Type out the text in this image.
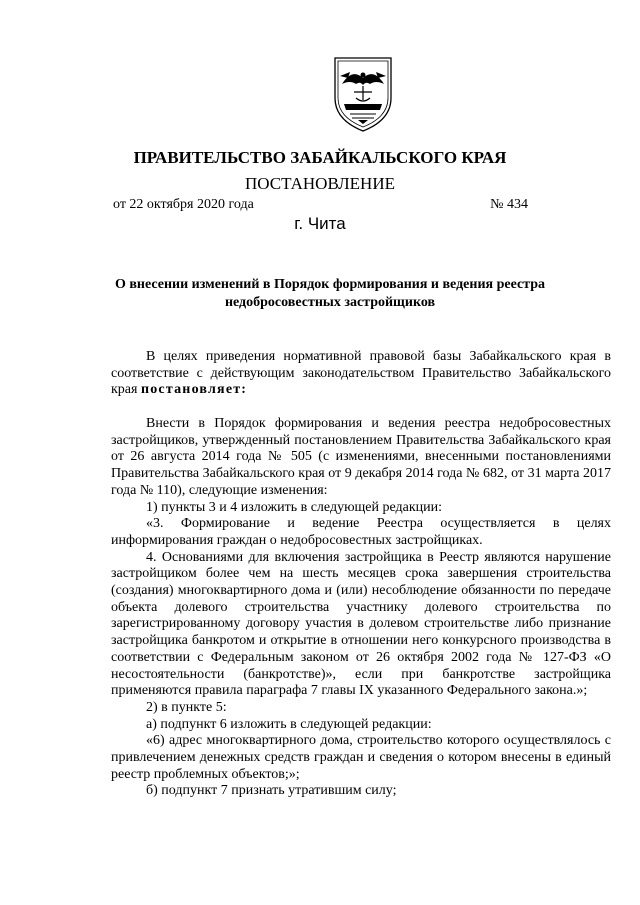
ПРАВИТЕЛЬСТВО ЗАБАЙКАЛЬСКОГО КРАЯ
ПОСТАНОВЛЕНИЕ
от 22 октября 2020 года	№ 434
г. Чита
О внесении изменений в Порядок формирования и ведения реестра недобросовестных застройщиков

В целях приведения нормативной правовой базы Забайкальского края в соответствие с действующим законодательством Правительство Забайкальского края постановляет:

Внести в Порядок формирования и ведения реестра недобросовестных застройщиков, утвержденный постановлением Правительства Забайкальского края от 26 августа 2014 года № 505 (с изменениями, внесенными постановлениями Правительства Забайкальского края от 9 декабря 2014 года № 682, от 31 марта 2017 года № 110), следующие изменения:

1) пункты 3 и 4 изложить в следующей редакции:

«3. Формирование и ведение Реестра осуществляется в целях информирования граждан о недобросовестных застройщиках.

4. Основаниями для включения застройщика в Реестр являются нарушение застройщиком более чем на шесть месяцев срока завершения строительства (создания) многоквартирного дома и (или) несоблюдение обязанности по передаче объекта долевого строительства участнику долевого строительства по зарегистрированному договору участия в долевом строительстве либо признание застройщика банкротом и открытие в отношении него конкурсного производства в соответствии с Федеральным законом от 26 октября 2002 года № 127-ФЗ «О несостоятельности (банкротстве)», если при банкротстве застройщика применяются правила параграфа 7 главы IX указанного Федерального закона.»;

2) в пункте 5:

а) подпункт 6 изложить в следующей редакции:

«6) адрес многоквартирного дома, строительство которого осуществлялось с привлечением денежных средств граждан и сведения о котором внесены в единый реестр проблемных объектов;»;

б) подпункт 7 признать утратившим силу;
